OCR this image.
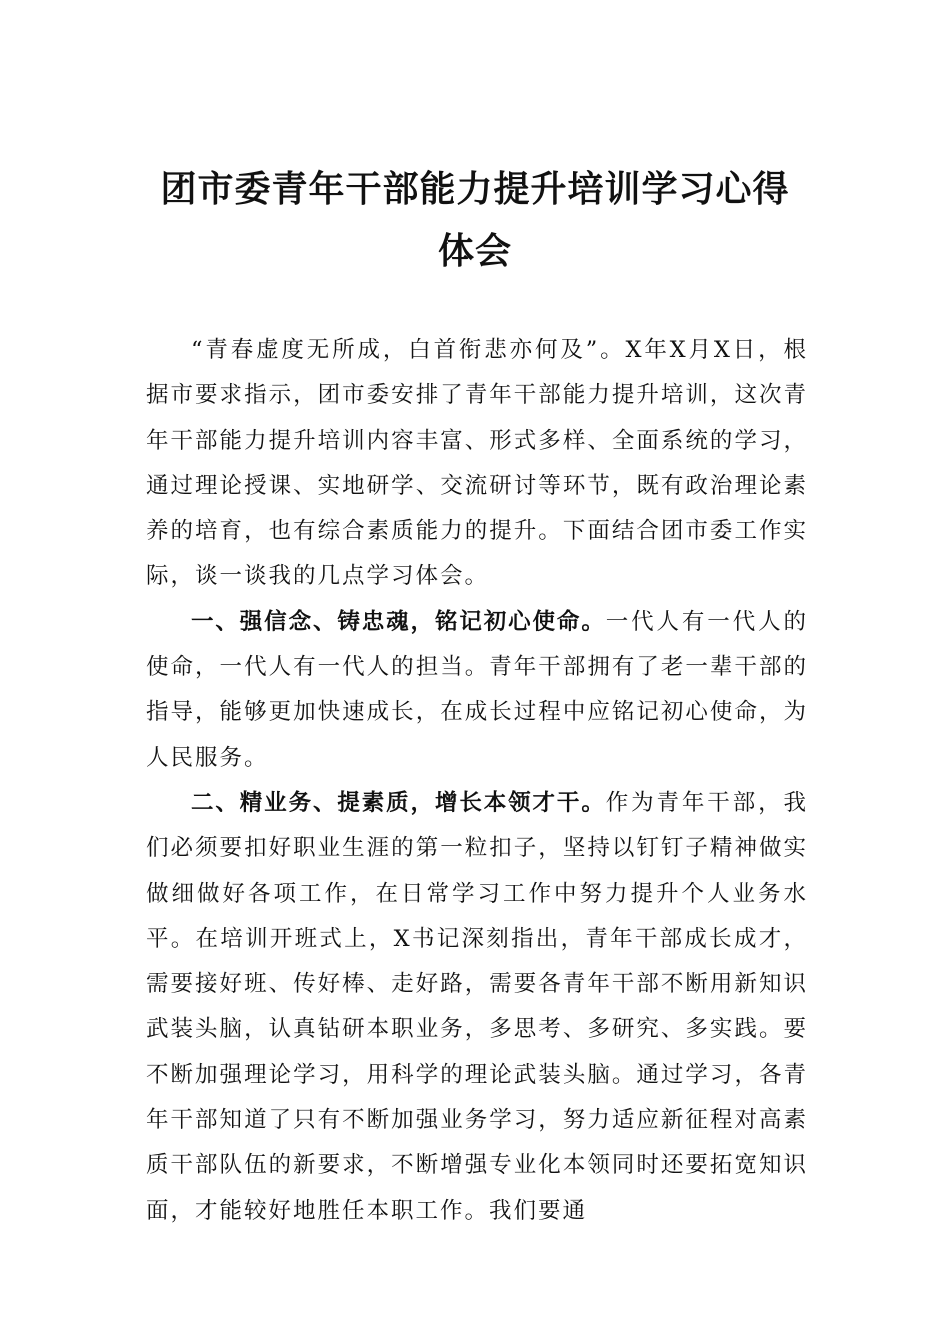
团市委青年干部能力提升培训学习心得体会

“青春虚度无所成，白首衔悲亦何及”。X年X月X日，根据市要求指示，团市委安排了青年干部能力提升培训，这次青年干部能力提升培训内容丰富、形式多样、全面系统的学习，通过理论授课、实地研学、交流研讨等环节，既有政治理论素养的培育，也有综合素质能力的提升。下面结合团市委工作实际，谈一谈我的几点学习体会。

一、强信念、铸忠魂，铭记初心使命。一代人有一代人的使命，一代人有一代人的担当。青年干部拥有了老一辈干部的指导，能够更加快速成长，在成长过程中应铭记初心使命，为人民服务。

二、精业务、提素质，增长本领才干。作为青年干部，我们必须要扣好职业生涯的第一粒扣子，坚持以钉钉子精神做实做细做好各项工作，在日常学习工作中努力提升个人业务水平。在培训开班式上，X书记深刻指出，青年干部成长成才，需要接好班、传好棒、走好路，需要各青年干部不断用新知识武装头脑，认真钻研本职业务，多思考、多研究、多实践。要不断加强理论学习，用科学的理论武装头脑。通过学习，各青年干部知道了只有不断加强业务学习，努力适应新征程对高素质干部队伍的新要求，不断增强专业化本领同时还要拓宽知识面，才能较好地胜任本职工作。我们要通
